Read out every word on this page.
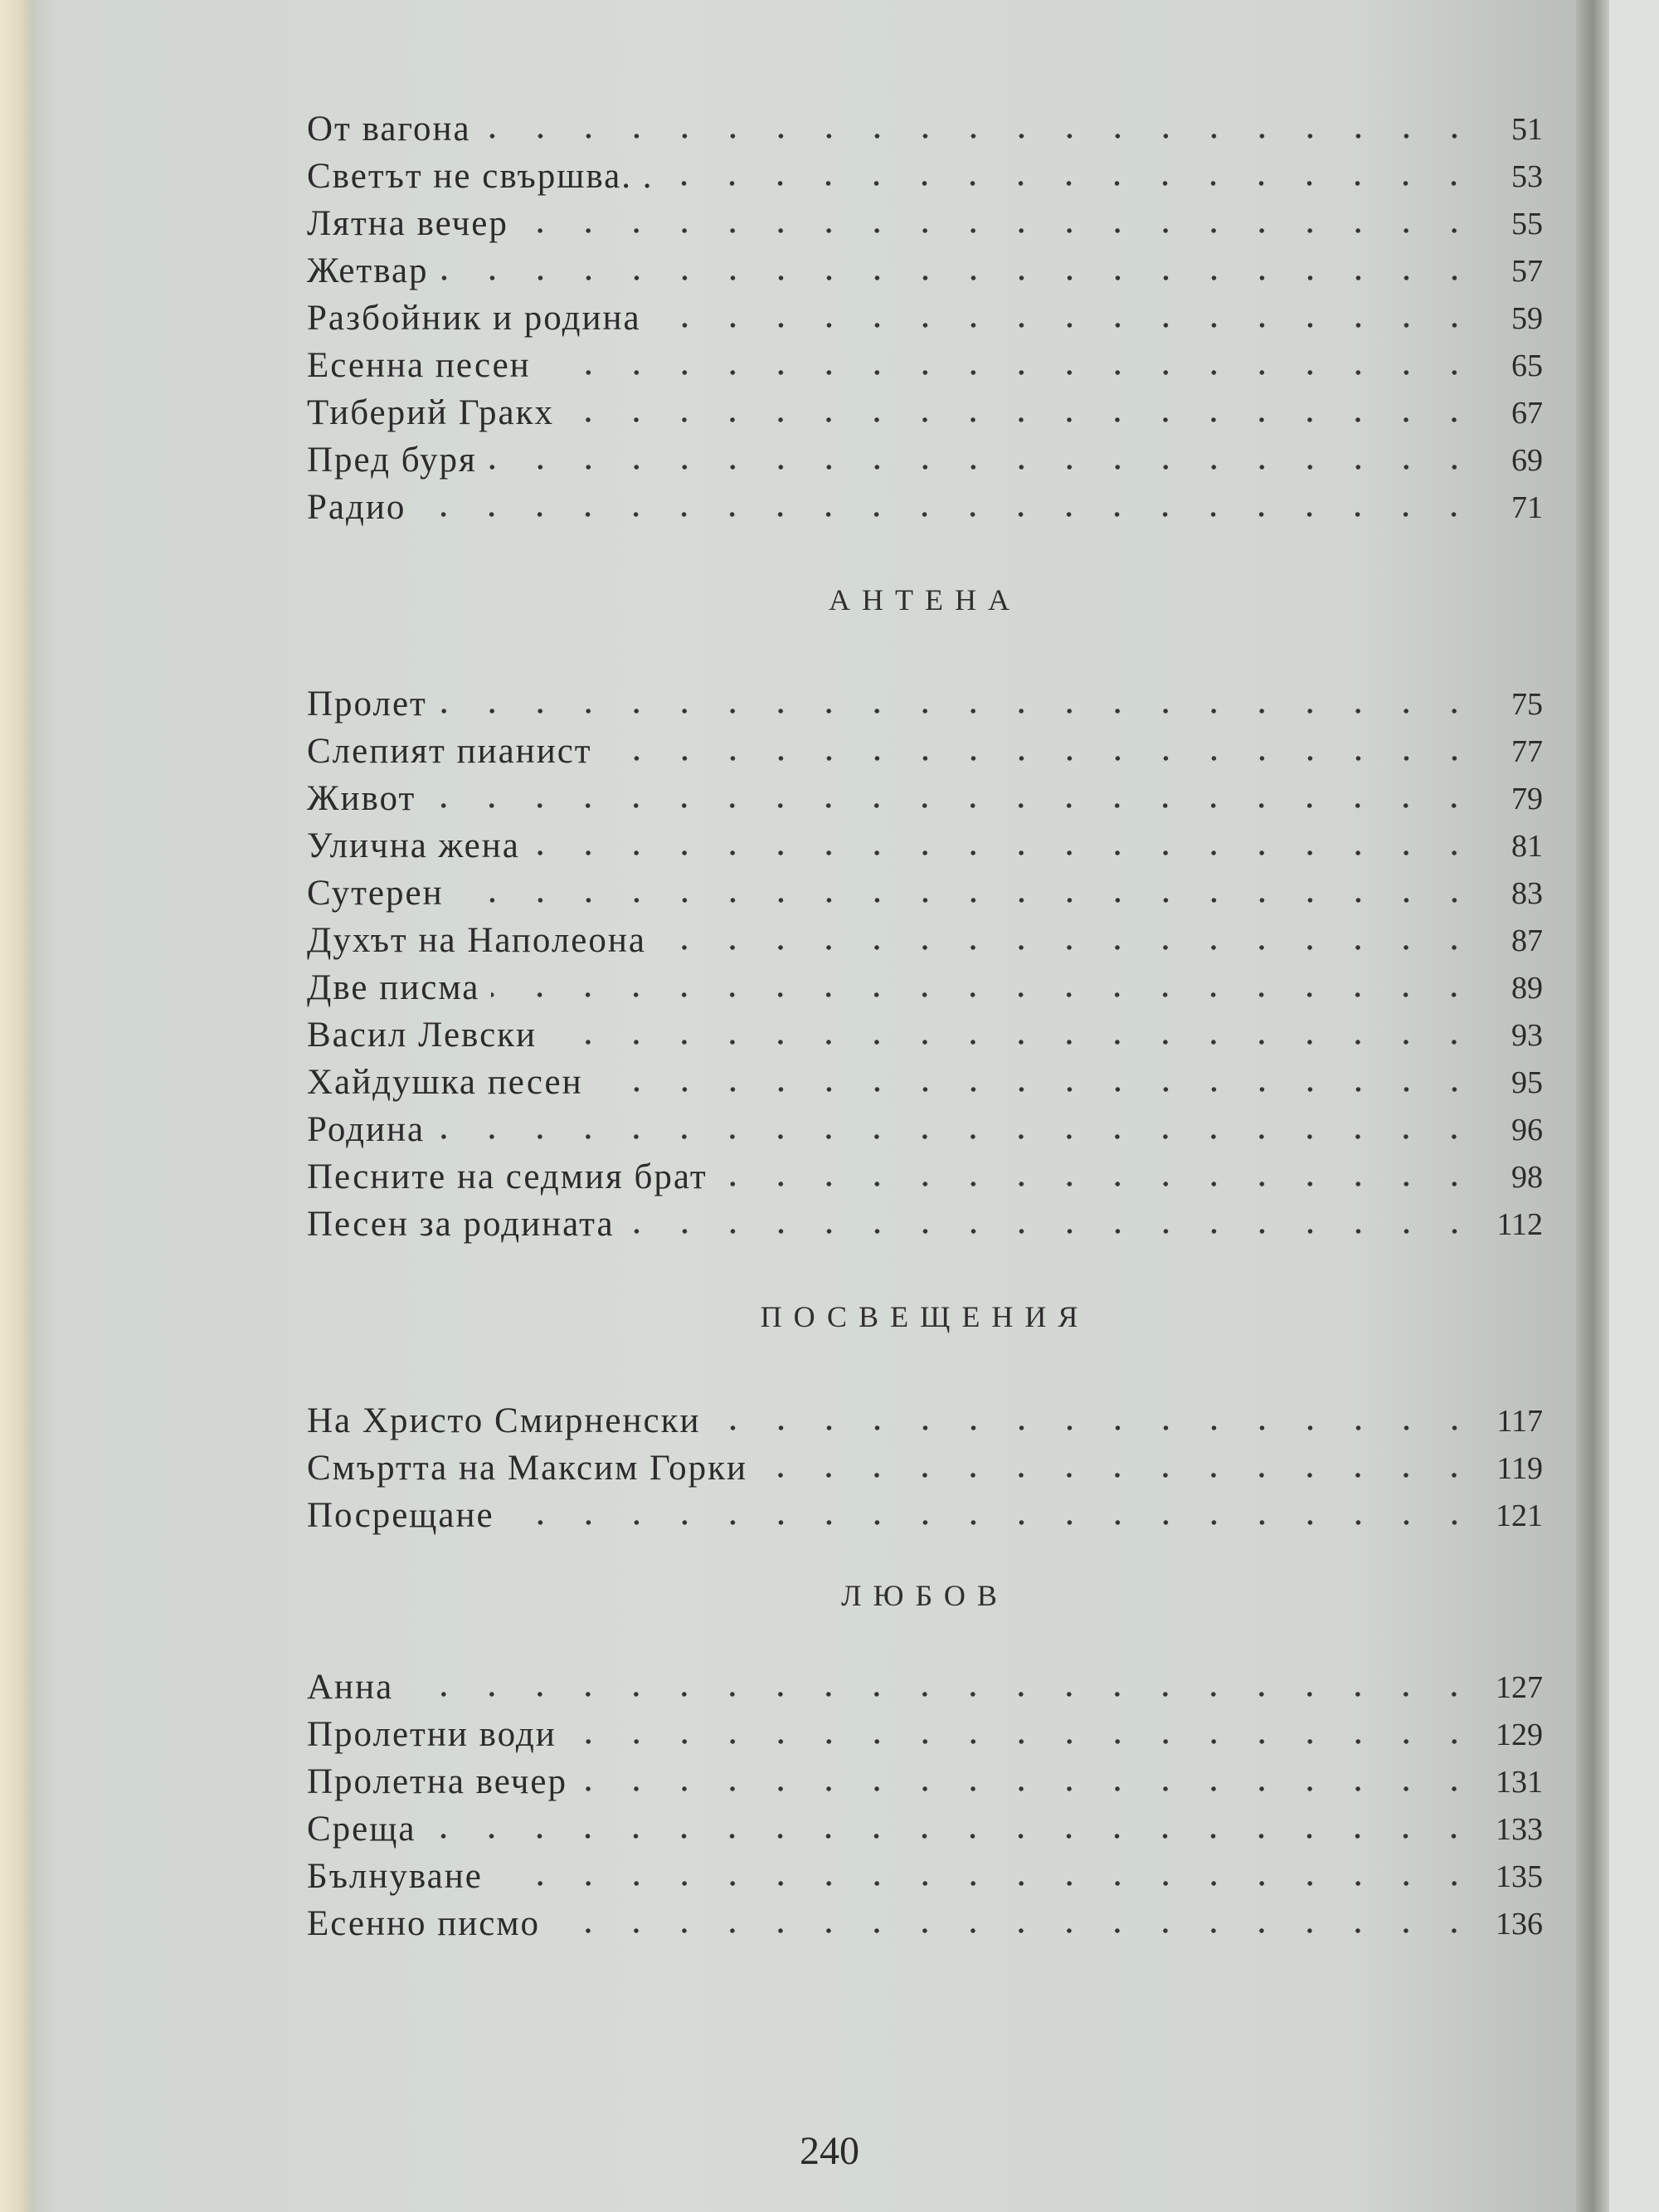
От вагона	51
Светът не свършва. .	53
Лятна вечер	55
Жетвар	57
Разбойник и родина	59
Есенна песен	65
Тиберий Гракх	67
Пред буря	69
Радио	71
АНТЕНА
Пролет	75
Слепият пианист	77
Живот	79
Улична жена	81
Сутерен	83
Духът на Наполеона	87
Две писма	89
Васил Левски	93
Хайдушка песен	95
Родина	96
Песните на седмия брат	98
Песен за родината	112
ПОСВЕЩЕНИЯ
На Христо Смирненски	117
Смъртта на Максим Горки	119
Посрещане	121
ЛЮБОВ
Анна	127
Пролетни води	129
Пролетна вечер	131
Среща	133
Бълнуване	135
Есенно писмо	136
240
